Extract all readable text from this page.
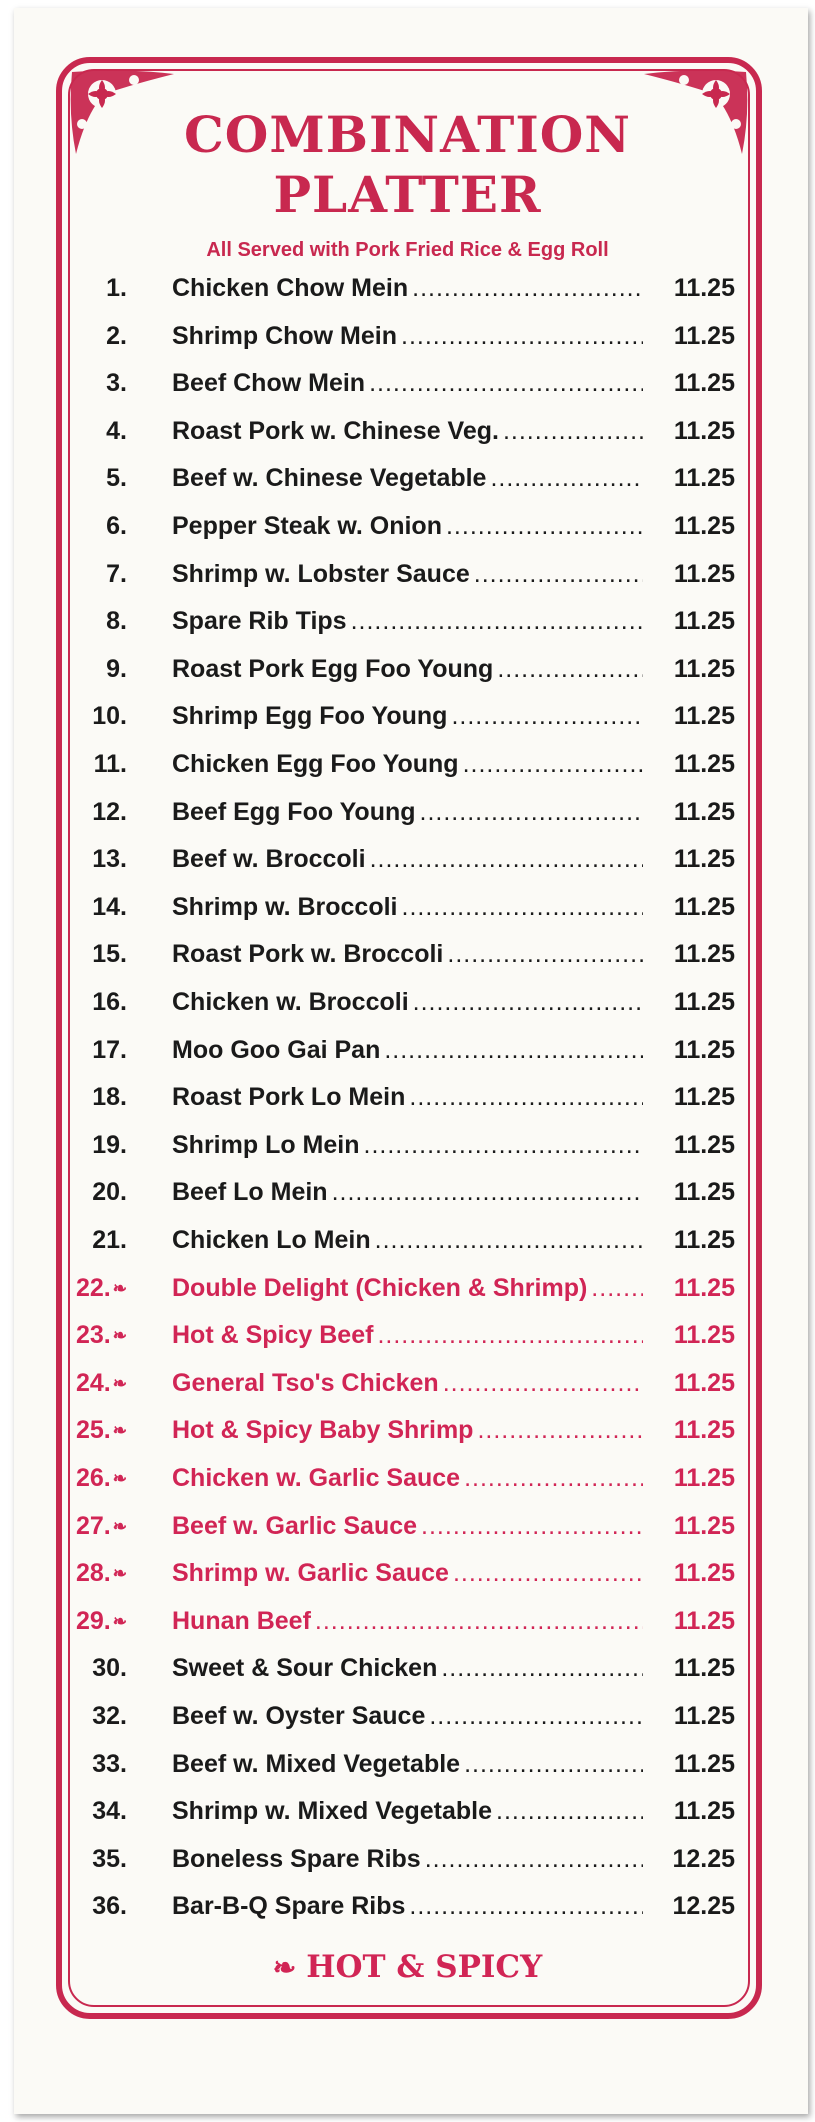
COMBINATION
PLATTER
All Served with Pork Fried Rice & Egg Roll
1. Chicken Chow Mein .....	11.25
2. Shrimp Chow Mein .....	11.25
3. Beef Chow Mein .....	11.25
4. Roast Pork w. Chinese Veg. .....	11.25
5. Beef w. Chinese Vegetable .....	11.25
6. Pepper Steak w. Onion .....	11.25
7. Shrimp w. Lobster Sauce .....	11.25
8. Spare Rib Tips .....	11.25
9. Roast Pork Egg Foo Young .....	11.25
10. Shrimp Egg Foo Young .....	11.25
11. Chicken Egg Foo Young .....	11.25
12. Beef Egg Foo Young .....	11.25
13. Beef w. Broccoli .....	11.25
14. Shrimp w. Broccoli .....	11.25
15. Roast Pork w. Broccoli .....	11.25
16. Chicken w. Broccoli .....	11.25
17. Moo Goo Gai Pan .....	11.25
18. Roast Pork Lo Mein .....	11.25
19. Shrimp Lo Mein .....	11.25
20. Beef Lo Mein .....	11.25
21. Chicken Lo Mein .....	11.25
22. ❧ Double Delight (Chicken & Shrimp) .....	11.25
23. ❧ Hot & Spicy Beef .....	11.25
24. ❧ General Tso's Chicken .....	11.25
25. ❧ Hot & Spicy Baby Shrimp .....	11.25
26. ❧ Chicken w. Garlic Sauce .....	11.25
27. ❧ Beef w. Garlic Sauce .....	11.25
28. ❧ Shrimp w. Garlic Sauce .....	11.25
29. ❧ Hunan Beef .....	11.25
30. Sweet & Sour Chicken .....	11.25
32. Beef w. Oyster Sauce .....	11.25
33. Beef w. Mixed Vegetable .....	11.25
34. Shrimp w. Mixed Vegetable .....	11.25
35. Boneless Spare Ribs .....	12.25
36. Bar-B-Q Spare Ribs .....	12.25
❧ HOT & SPICY
